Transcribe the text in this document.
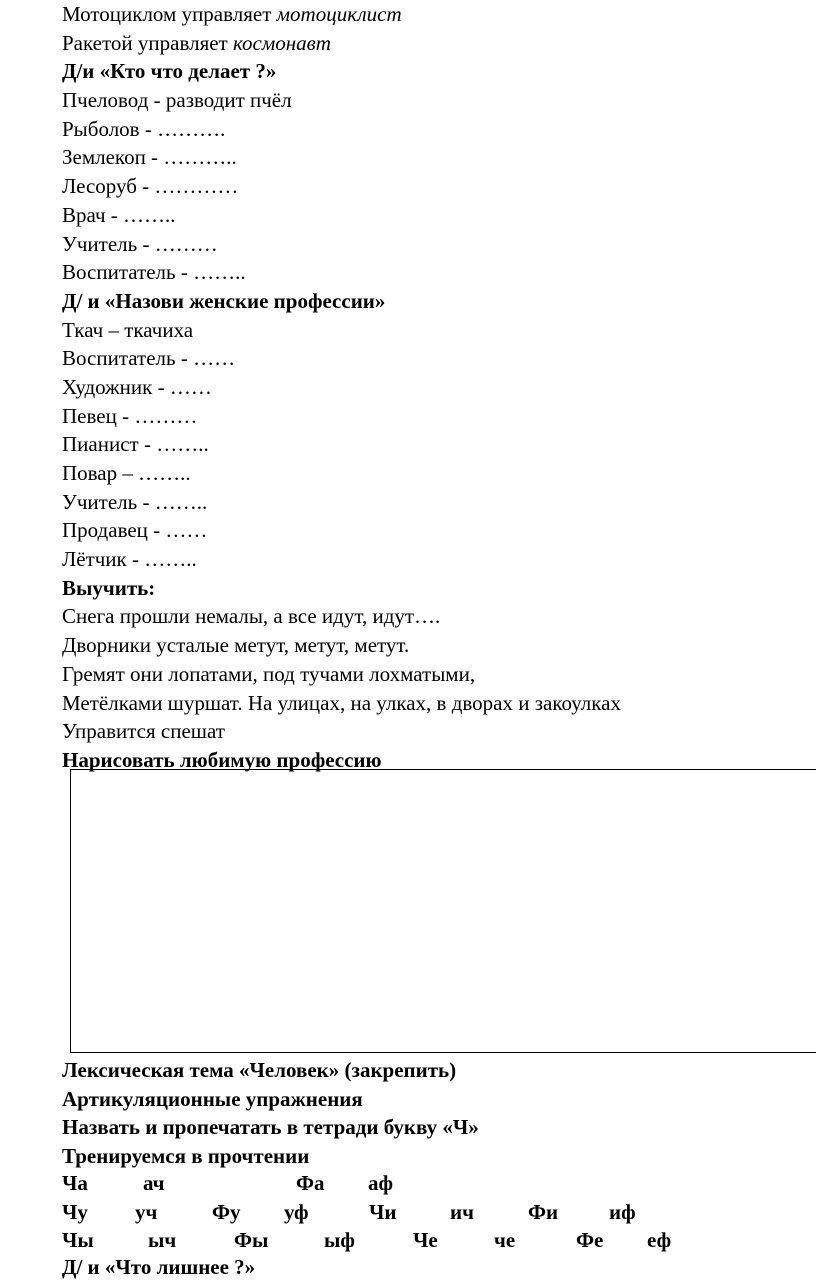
Мотоциклом управляет мотоциклист
Ракетой управляет космонавт
Д/и «Кто что делает ?»
Пчеловод - разводит пчёл
Рыболов - ……….
Землекоп - ………..
Лесоруб - …………
Врач - ……..
Учитель - ………
Воспитатель - ……..
Д/ и «Назови женские профессии»
Ткач – ткачиха
Воспитатель - ……
Художник - ……
Певец - ………
Пианист - ……..
Повар – ……..
Учитель - ……..
Продавец - ……
Лётчик - ……..
Выучить:
Снега прошли немалы, а все идут, идут….
Дворники усталые метут, метут, метут.
Гремят они лопатами, под тучами лохматыми,
Метёлками шуршат. На улицах, на улках, в дворах и закоулках
Управится спешат
Нарисовать любимую профессию
Лексическая тема «Человек» (закрепить)
Артикуляционные упражнения
Назвать и пропечатать в тетради букву «Ч»
Тренируемся в прочтении
Ча	ач	Фа аф
Чу уч	Фу уф	Чи	ич	Фи иф
Чы	ыч	Фы	ыф	Че	че	Фе еф
Д/ и «Что лишнее ?»
